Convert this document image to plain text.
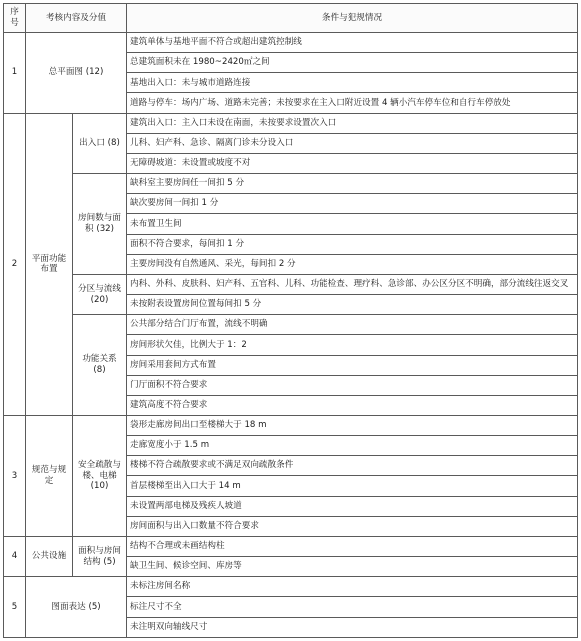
序号	考核内容及分值		条件与犯规情况
1	总平面图 (12)		建筑单体与基地平面不符合或超出建筑控制线
			总建筑面积未在 1980~2420㎡之间
			基地出入口：未与城市道路连接
			道路与停车：场内广场、道路未完善；未按要求在主入口附近设置 4 辆小汽车停车位和自行车停放处
2	平面功能布置	出入口 (8)	建筑出入口：主入口未设在南面，未按要求设置次入口
			儿科、妇产科、急诊、隔离门诊未分设入口
			无障碍坡道：未设置或坡度不对
		房间数与面积 (32)	缺科室主要房间任一间扣 5 分
			缺次要房间一间扣 1 分
			未布置卫生间
			面积不符合要求，每间扣 1 分
			主要房间没有自然通风、采光，每间扣 2 分
		分区与流线 (20)	内科、外科、皮肤科、妇产科、五官科、儿科、功能检查、理疗科、急诊部、办公区分区不明确，部分流线往返交叉
			未按附表设置房间位置每间扣 5 分
		功能关系 (8)	公共部分结合门厅布置，流线不明确
			房间形状欠佳，比例大于 1：2
			房间采用套间方式布置
			门厅面积不符合要求
			建筑高度不符合要求
3	规范与规定	安全疏散与楼、电梯 (10)	袋形走廊房间出口至楼梯大于 18 m
			走廊宽度小于 1.5 m
			楼梯不符合疏散要求或不满足双向疏散条件
			首层楼梯至出入口大于 14 m
			未设置两部电梯及残疾人坡道
			房间面积与出入口数量不符合要求
4	公共设施	面积与房间结构 (5)	结构不合理或未画结构柱
			缺卫生间、候诊空间、库房等
5	图面表达 (5)		未标注房间名称
			标注尺寸不全
			未注明双向轴线尺寸
